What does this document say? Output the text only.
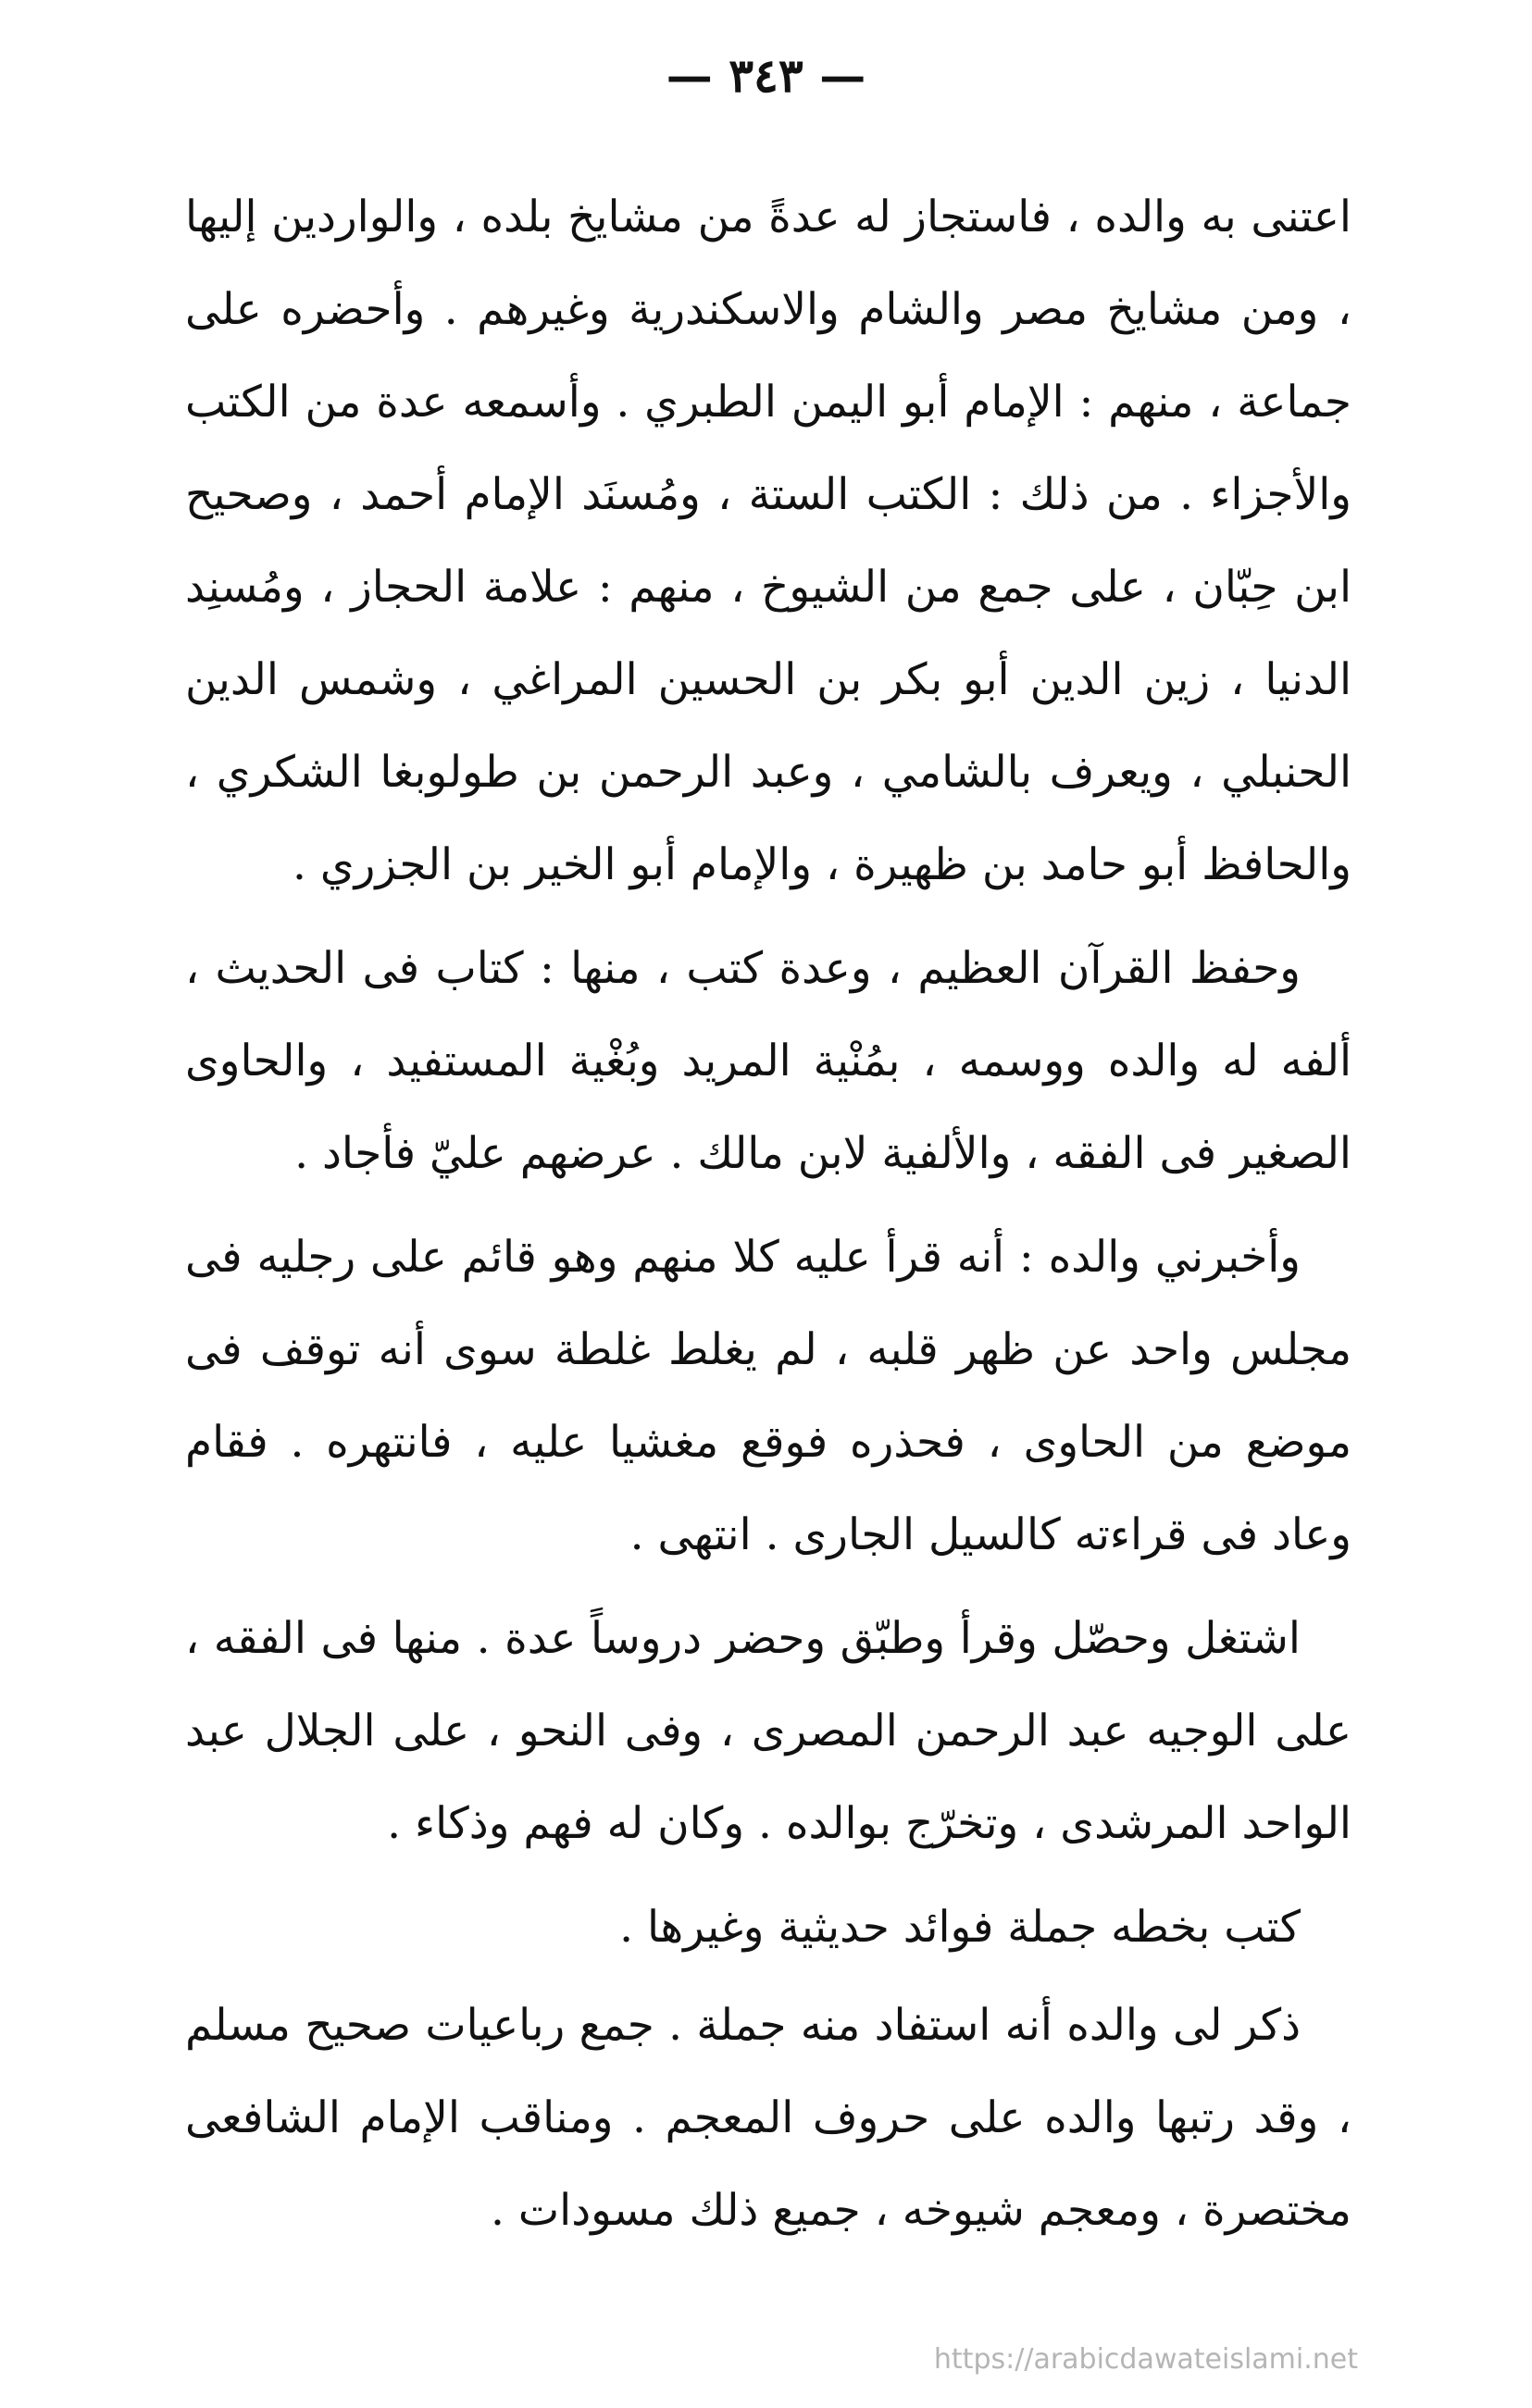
— ٣٤٣ —

اعتنى به والده ، فاستجاز له عدةً من مشايخ بلده ، والواردين إليها ، ومن مشايخ مصر والشام والاسكندرية وغيرهم . وأحضره على جماعة ، منهم : الإمام أبو اليمن الطبري . وأسمعه عدة من الكتب والأجزاء . من ذلك : الكتب الستة ، ومُسنَد الإمام أحمد ، وصحيح ابن حِبّان ، على جمع من الشيوخ ، منهم : علامة الحجاز ، ومُسنِد الدنيا ، زين الدين أبو بكر بن الحسين المراغي ، وشمس الدين الحنبلي ، ويعرف بالشامي ، وعبد الرحمن بن طولوبغا الشكري ، والحافظ أبو حامد بن ظهيرة ، والإمام أبو الخير بن الجزري .

وحفظ القرآن العظيم ، وعدة كتب ، منها : كتاب فى الحديث ، ألفه له والده ووسمه ، بمُنْية المريد وبُغْية المستفيد ، والحاوى الصغير فى الفقه ، والألفية لابن مالك . عرضهم عليّ فأجاد .

وأخبرني والده : أنه قرأ عليه كلا منهم وهو قائم على رجليه فى مجلس واحد عن ظهر قلبه ، لم يغلط غلطة سوى أنه توقف فى موضع من الحاوى ، فحذره فوقع مغشيا عليه ، فانتهره . فقام وعاد فى قراءته كالسيل الجارى . انتهى .

اشتغل وحصّل وقرأ وطبّق وحضر دروساً عدة . منها فى الفقه ، على الوجيه عبد الرحمن المصرى ، وفى النحو ، على الجلال عبد الواحد المرشدى ، وتخرّج بوالده . وكان له فهم وذكاء .

كتب بخطه جملة فوائد حديثية وغيرها .

ذكر لى والده أنه استفاد منه جملة . جمع رباعيات صحيح مسلم ، وقد رتبها والده على حروف المعجم . ومناقب الإمام الشافعى مختصرة ، ومعجم شيوخه ، جميع ذلك مسودات .

https://arabicdawateislami.net
